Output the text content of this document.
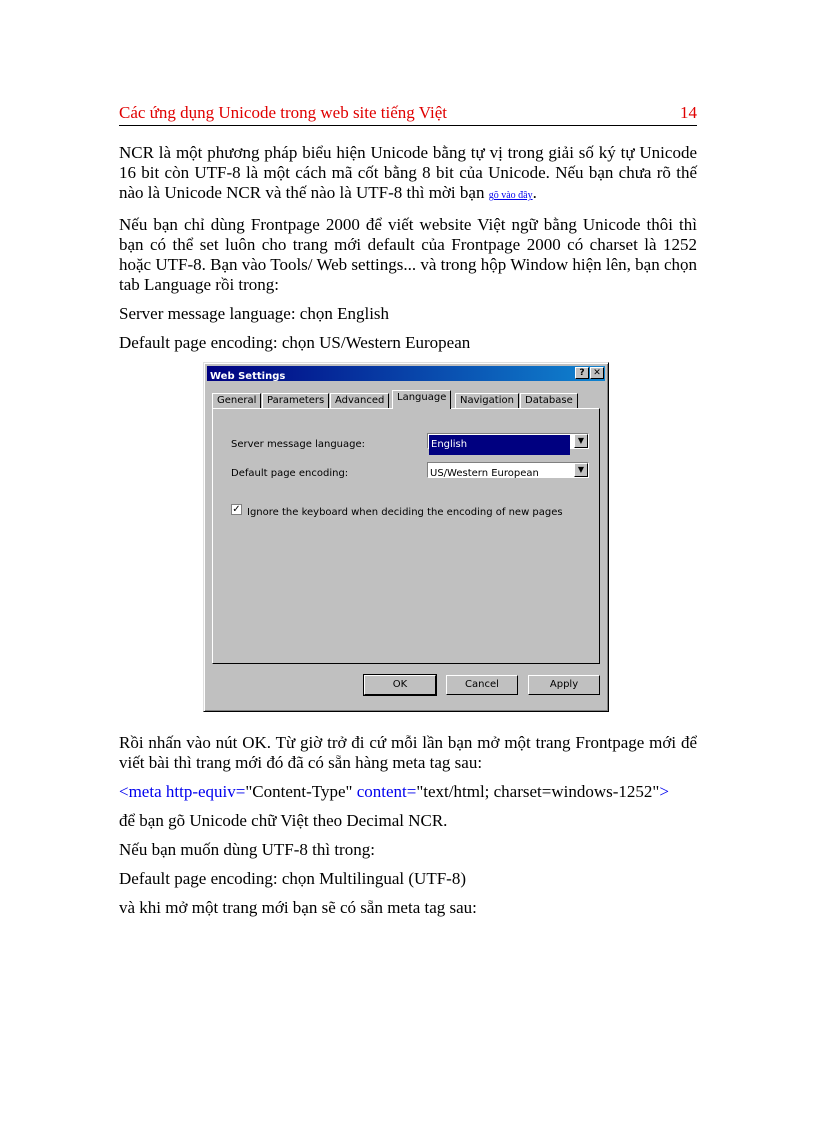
Các ứng dụng Unicode trong web site tiếng Việt	14

NCR là một phương pháp biểu hiện Unicode bằng tự vị trong giải số ký tự Unicode 16 bit còn UTF-8 là một cách mã cốt bằng 8 bit của Unicode. Nếu bạn chưa rõ thế nào là Unicode NCR và thế nào là UTF-8 thì mời bạn gõ vào đây.

Nếu bạn chỉ dùng Frontpage 2000 để viết website Việt ngữ bằng Unicode thôi thì bạn có thể set luôn cho trang mới default của Frontpage 2000 có charset là 1252 hoặc UTF-8. Bạn vào Tools/ Web settings... và trong hộp Window hiện lên, bạn chọn tab Language rồi trong:

Server message language: chọn English

Default page encoding: chọn US/Western European

Web Settings	? ✕
General	Parameters	Advanced	Language	Navigation	Database
Server message language:	English	▼
Default page encoding:	US/Western European	▼
✓ Ignore the keyboard when deciding the encoding of new pages
OK	Cancel	Apply

Rồi nhấn vào nút OK. Từ giờ trở đi cứ mỗi lần bạn mở một trang Frontpage mới để viết bài thì trang mới đó đã có sẵn hàng meta tag sau:

<meta http-equiv="Content-Type" content="text/html; charset=windows-1252">

để bạn gõ Unicode chữ Việt theo Decimal NCR.

Nếu bạn muốn dùng UTF-8 thì trong:

Default page encoding: chọn Multilingual (UTF-8)

và khi mở một trang mới bạn sẽ có sẵn meta tag sau:
